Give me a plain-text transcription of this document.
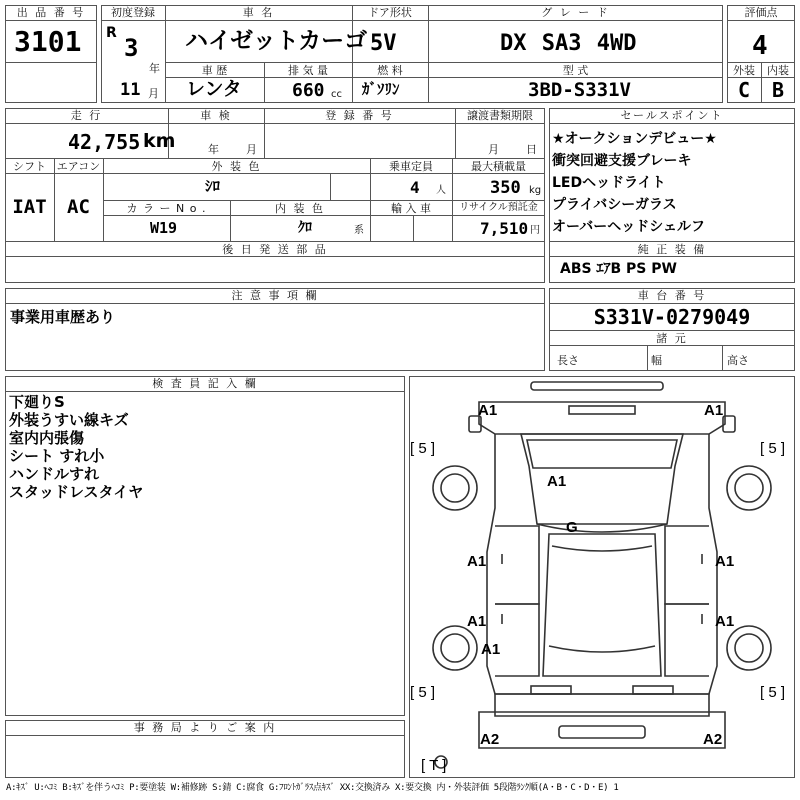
出 品 番 号
3101
初度登録
R
3
年
11 月
車 名
ハイゼットカーゴ
ドア形状
5V
グ レ ー ド
DX SA3 4WD
車 歴
レンタ
排 気 量
660 cc
燃 料
ｶﾞｿﾘﾝ
型 式
3BD-S331V
評価点
4
外装	内装
C	B
走 行
42,755 km
車 検
年 月
登 録 番 号	譲渡書類期限
月 日
シフト
IAT
エアコン
AC
外 装 色
ｼﾛ
乗車定員
4 人
最大積載量
350 kg
カ ラ ー N o .
W19
内 装 色
ｸﾛ	系
輸 入 車	リサイクル預託金
7,510 円
後 日 発 送 部 品
セールスポイント
★オークションデビュー★
衝突回避支援ブレーキ
LEDヘッドライト
プライバシーガラス
オーバーヘッドシェルフ
純 正 装 備
ABS ｴｱB PS PW
注 意 事 項 欄
事業用車歴あり
車 台 番 号
S331V-0279049
諸 元
長さ	幅	高さ
検 査 員 記 入 欄
下廻りS
外装うすい線キズ
室内内張傷
シート すれ小
ハンドルすれ
スタッドレスタイヤ
事 務 局 よ り ご 案 内
A1	A1
A1
G
A1	A1
A1	A1
A1
A2	A2
[ 5 ]	[ 5 ]
[ 5 ]	[ 5 ]
[ T ]
A:ｷｽﾞ U:ﾍｺﾐ B:ｷｽﾞを伴うﾍｺﾐ P:要塗装 W:補修跡 S:錆 C:腐食 G:ﾌﾛﾝﾄｶﾞﾗｽ点ｷｽﾞ XX:交換済み X:要交換 内・外装評価 5段階ﾗﾝｸ順(A・B・C・D・E) 1
